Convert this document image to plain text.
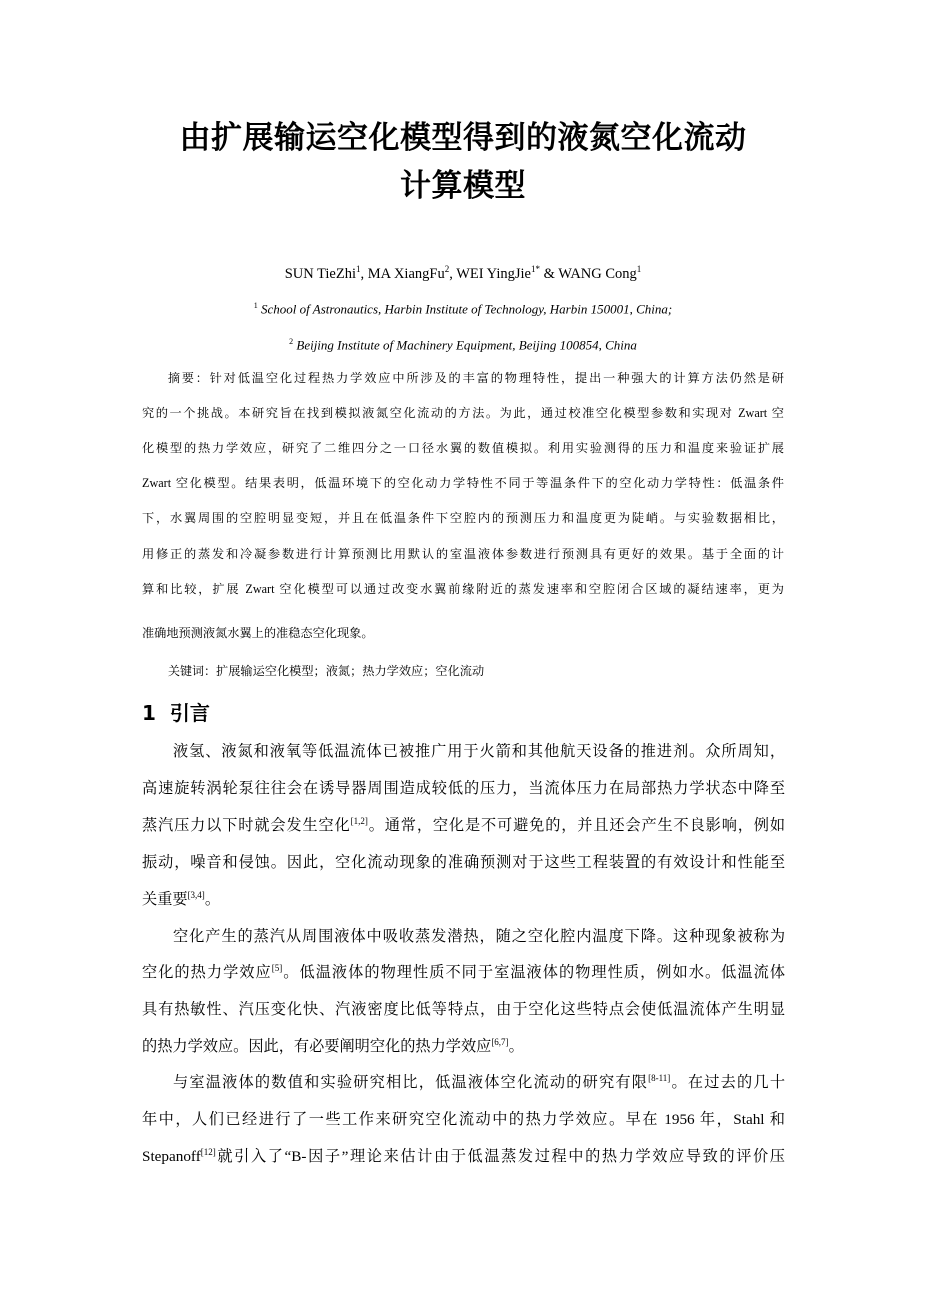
由扩展输运空化模型得到的液氮空化流动
计算模型
SUN TieZhi$^1$, MA XiangFu$^2$, WEI YingJie$^{1*}$ & WANG Cong$^1$
$^1$ School of Astronautics, Harbin Institute of Technology, Harbin 150001, China;
$^2$ Beijing Institute of Machinery Equipment, Beijing 100854, China
摘要：针对低温空化过程热力学效应中所涉及的丰富的物理特性，提出一种强大的计算方法仍然是研
究的一个挑战。本研究旨在找到模拟液氮空化流动的方法。为此，通过校准空化模型参数和实现对 Zwart 空
化模型的热力学效应，研究了二维四分之一口径水翼的数值模拟。利用实验测得的压力和温度来验证扩展
Zwart 空化模型。结果表明，低温环境下的空化动力学特性不同于等温条件下的空化动力学特性：低温条件
下，水翼周围的空腔明显变短，并且在低温条件下空腔内的预测压力和温度更为陡峭。与实验数据相比，
用修正的蒸发和冷凝参数进行计算预测比用默认的室温液体参数进行预测具有更好的效果。基于全面的计
算和比较，扩展 Zwart 空化模型可以通过改变水翼前缘附近的蒸发速率和空腔闭合区域的凝结速率，更为
准确地预测液氮水翼上的准稳态空化现象。
关键词：扩展输运空化模型；液氮；热力学效应；空化流动
1 引言
液氢、液氮和液氧等低温流体已被推广用于火箭和其他航天设备的推进剂。众所周知，
高速旋转涡轮泵往往会在诱导器周围造成较低的压力，当流体压力在局部热力学状态中降至
蒸汽压力以下时就会发生空化[1,2]。通常，空化是不可避免的，并且还会产生不良影响，例如
振动，噪音和侵蚀。因此，空化流动现象的准确预测对于这些工程装置的有效设计和性能至
关重要[3,4]。
空化产生的蒸汽从周围液体中吸收蒸发潜热，随之空化腔内温度下降。这种现象被称为
空化的热力学效应[5]。低温液体的物理性质不同于室温液体的物理性质，例如水。低温流体
具有热敏性、汽压变化快、汽液密度比低等特点，由于空化这些特点会使低温流体产生明显
的热力学效应。因此，有必要阐明空化的热力学效应[6,7]。
与室温液体的数值和实验研究相比，低温液体空化流动的研究有限[8-11]。在过去的几十
年中，人们已经进行了一些工作来研究空化流动中的热力学效应。早在 1956 年，Stahl 和
Stepanoff[12]就引入了“B-因子”理论来估计由于低温蒸发过程中的热力学效应导致的评价压
